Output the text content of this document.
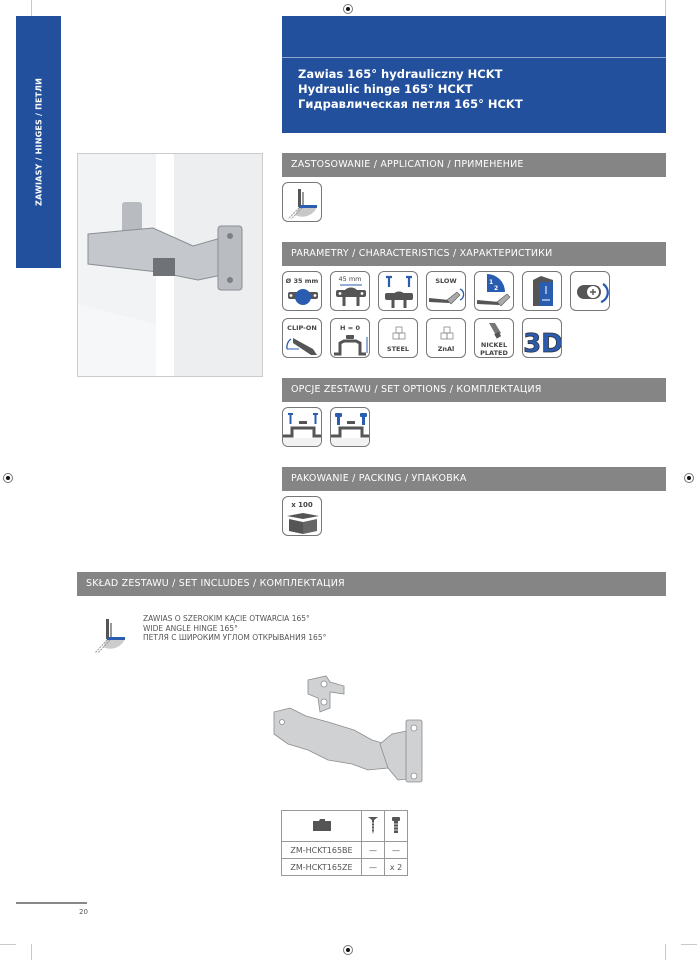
ZAWIASY / HINGES / ПЕТЛИ
Zawias 165° hydrauliczny HCKT
Hydraulic hinge 165° HCKT
Гидравлическая петля 165° HCKT
ZASTOSOWANIE / APPLICATION / ПРИМЕНЕНИЕ
PARAMETRY / CHARACTERISTICS / ХАРАКТЕРИСТИКИ
Ø 35 mm	45 mm	SLOW	1
2
CLIP-ON	H = 0
STEEL	ZnAl	NICKEL
PLATED 3D
OPCJE ZESTAWU / SET OPTIONS / КОМПЛЕКТАЦИЯ
PAKOWANIE / PACKING / УПАКОВКА
x 100
SKŁAD ZESTAWU / SET INCLUDES / КОМПЛЕКТАЦИЯ
ZAWIAS O SZEROKIM KĄCIE OTWARCIA 165°
WIDE ANGLE HINGE 165°
ПЕТЛЯ С ШИРОКИМ УГЛОМ ОТКРЫВАНИЯ 165°

ZM-HCKT165BE	—	—
ZM-HCKT165ZE	—	x 2
20
